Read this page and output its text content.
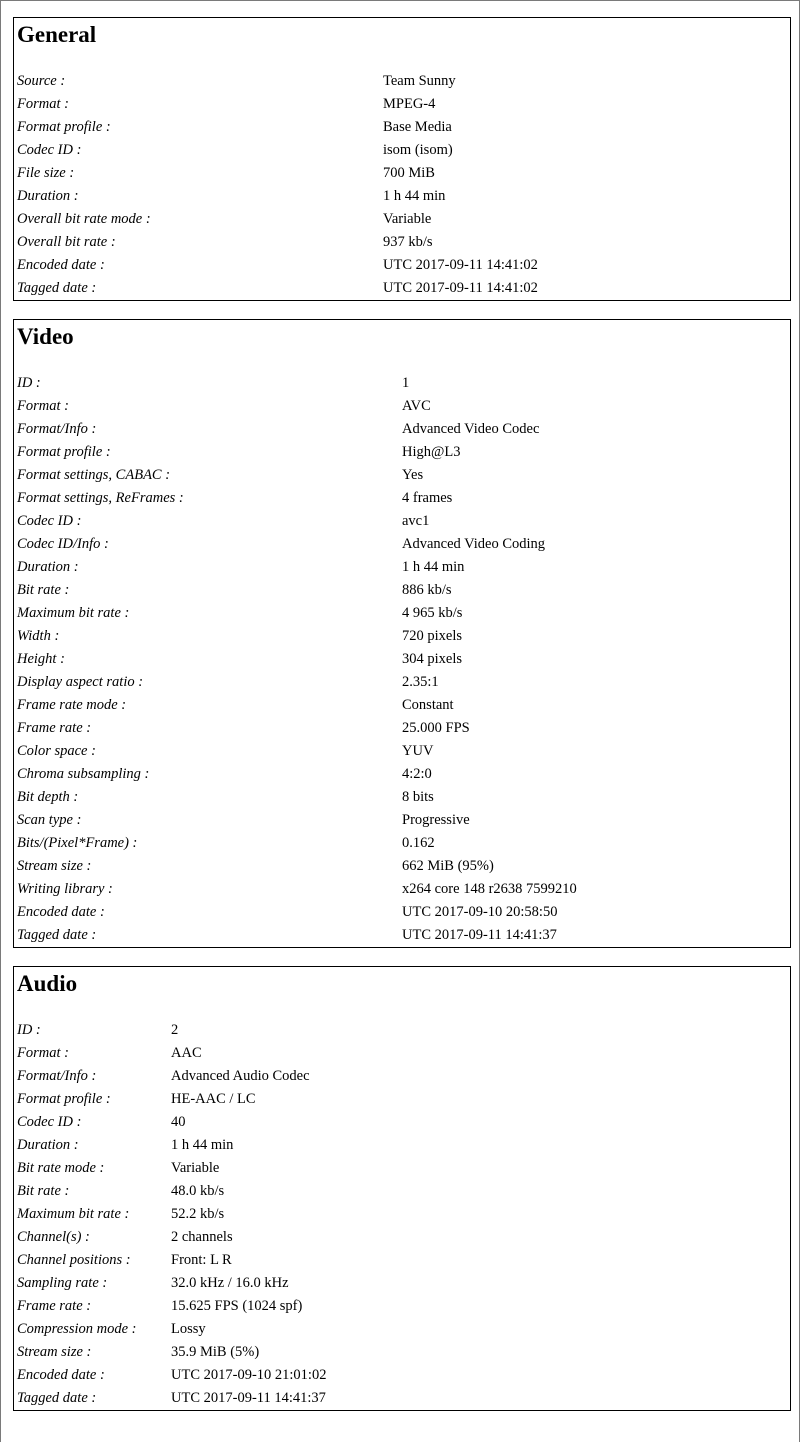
General
Source :	Team Sunny
Format :	MPEG-4
Format profile :	Base Media
Codec ID :	isom (isom)
File size :	700 MiB
Duration :	1 h 44 min
Overall bit rate mode :	Variable
Overall bit rate :	937 kb/s
Encoded date :	UTC 2017-09-11 14:41:02
Tagged date :	UTC 2017-09-11 14:41:02
Video
ID :	1
Format :	AVC
Format/Info :	Advanced Video Codec
Format profile :	High@L3
Format settings, CABAC :	Yes
Format settings, ReFrames :	4 frames
Codec ID :	avc1
Codec ID/Info :	Advanced Video Coding
Duration :	1 h 44 min
Bit rate :	886 kb/s
Maximum bit rate :	4 965 kb/s
Width :	720 pixels
Height :	304 pixels
Display aspect ratio :	2.35:1
Frame rate mode :	Constant
Frame rate :	25.000 FPS
Color space :	YUV
Chroma subsampling :	4:2:0
Bit depth :	8 bits
Scan type :	Progressive
Bits/(Pixel*Frame) :	0.162
Stream size :	662 MiB (95%)
Writing library :	x264 core 148 r2638 7599210
Encoded date :	UTC 2017-09-10 20:58:50
Tagged date :	UTC 2017-09-11 14:41:37
Audio
ID :	2
Format :	AAC
Format/Info :	Advanced Audio Codec
Format profile :	HE-AAC / LC
Codec ID :	40
Duration :	1 h 44 min
Bit rate mode :	Variable
Bit rate :	48.0 kb/s
Maximum bit rate :	52.2 kb/s
Channel(s) :	2 channels
Channel positions :	Front: L R
Sampling rate :	32.0 kHz / 16.0 kHz
Frame rate :	15.625 FPS (1024 spf)
Compression mode : Lossy
Stream size :	35.9 MiB (5%)
Encoded date :	UTC 2017-09-10 21:01:02
Tagged date :	UTC 2017-09-11 14:41:37
